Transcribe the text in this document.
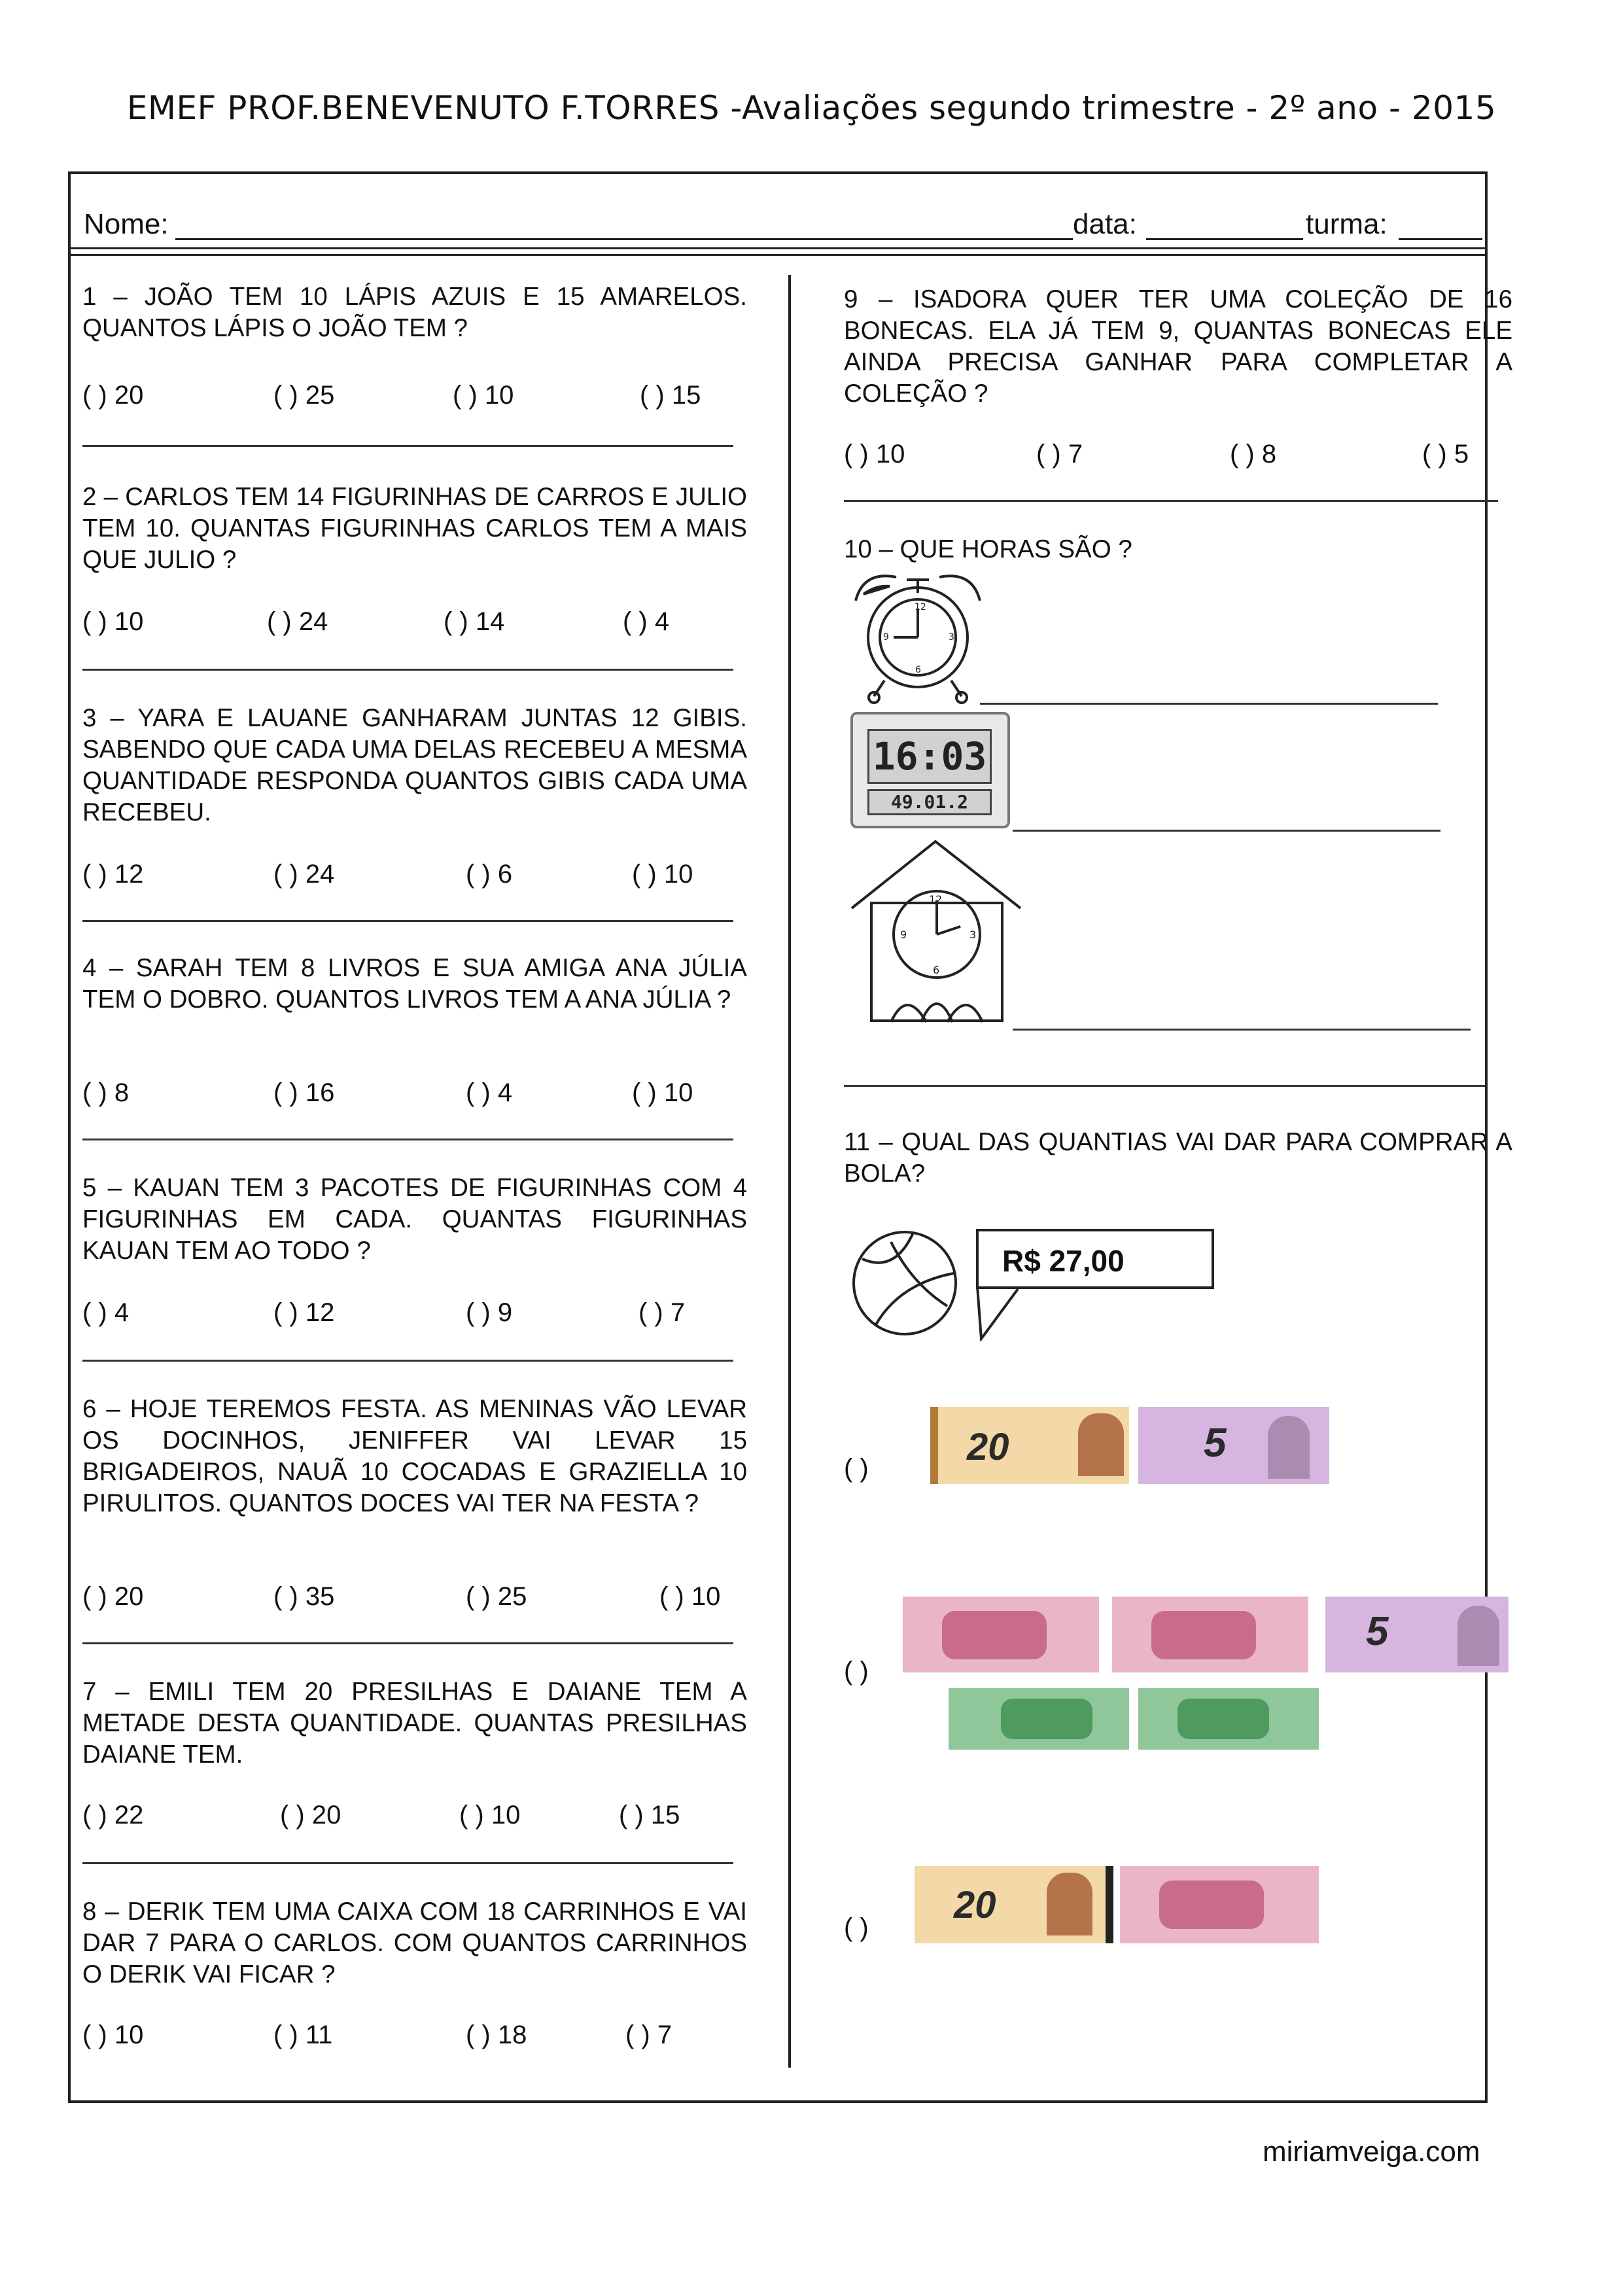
EMEF PROF.BENEVENUTO F.TORRES -Avaliações segundo trimestre - 2º ano - 2015
Nome:	data:	turma:
1 – JOÃO TEM 10 LÁPIS AZUIS E 15 AMARELOS. QUANTOS LÁPIS O JOÃO TEM ?
( ) 20	( ) 25	( ) 10	( ) 15
2 – CARLOS TEM 14 FIGURINHAS DE CARROS E JULIO TEM 10. QUANTAS FIGURINHAS CARLOS TEM A MAIS QUE JULIO ?
( ) 10	( ) 24	( ) 14	( ) 4
3 – YARA E LAUANE GANHARAM JUNTAS 12 GIBIS. SABENDO QUE CADA UMA DELAS RECEBEU A MESMA QUANTIDADE RESPONDA QUANTOS GIBIS CADA UMA RECEBEU.
( ) 12	( ) 24	( ) 6	( ) 10
4 – SARAH TEM 8 LIVROS E SUA AMIGA ANA JÚLIA TEM O DOBRO. QUANTOS LIVROS TEM A ANA JÚLIA ?
( ) 8	( ) 16	( ) 4	( ) 10
5 – KAUAN TEM 3 PACOTES DE FIGURINHAS COM 4 FIGURINHAS EM CADA. QUANTAS FIGURINHAS KAUAN TEM AO TODO ?
( ) 4	( ) 12	( ) 9	( ) 7
6 – HOJE TEREMOS FESTA. AS MENINAS VÃO LEVAR OS DOCINHOS, JENIFFER VAI LEVAR 15 BRIGADEIROS, NAUÃ 10 COCADAS E GRAZIELLA 10 PIRULITOS. QUANTOS DOCES VAI TER NA FESTA ?
( ) 20	( ) 35	( ) 25	( ) 10
7 – EMILI TEM 20 PRESILHAS E DAIANE TEM A METADE DESTA QUANTIDADE. QUANTAS PRESILHAS DAIANE TEM.
( ) 22	( ) 20	( ) 10	( ) 15
8 – DERIK TEM UMA CAIXA COM 18 CARRINHOS E VAI DAR 7 PARA O CARLOS. COM QUANTOS CARRINHOS O DERIK VAI FICAR ?
( ) 10	( ) 11	( ) 18	( ) 7
9 – ISADORA QUER TER UMA COLEÇÃO DE 16 BONECAS. ELA JÁ TEM 9, QUANTAS BONECAS ELE AINDA PRECISA GANHAR PARA COMPLETAR A COLEÇÃO ?
( ) 10	( ) 7	( ) 8	( ) 5
10 – QUE HORAS SÃO ?
12
3
6
9
16:03
49.01.2
12
3
6
9
11 – QUAL DAS QUANTIAS VAI DAR PARA COMPRAR A BOLA?
R$ 27,00
( )	20	5
( )
5
( )
20
miriamveiga.com
